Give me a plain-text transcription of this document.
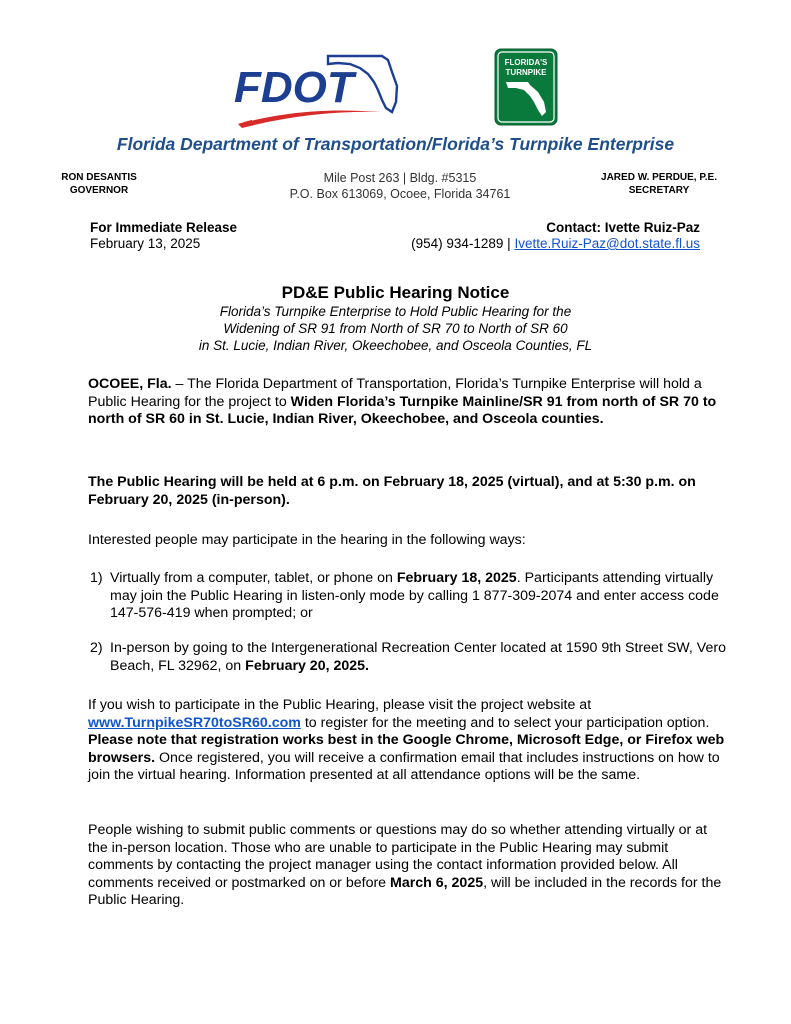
FDOT
FLORIDA'S
TURNPIKE
Florida Department of Transportation/Florida’s Turnpike Enterprise
RON DESANTIS
GOVERNOR
Mile Post 263 | Bldg. #5315
P.O. Box 613069, Ocoee, Florida 34761
JARED W. PERDUE, P.E.
SECRETARY
For Immediate Release
February 13, 2025
Contact: Ivette Ruiz-Paz
(954) 934-1289 | Ivette.Ruiz-Paz@dot.state.fl.us
PD&E Public Hearing Notice
Florida’s Turnpike Enterprise to Hold Public Hearing for the
Widening of SR 91 from North of SR 70 to North of SR 60
in St. Lucie, Indian River, Okeechobee, and Osceola Counties, FL
OCOEE, Fla. – The Florida Department of Transportation, Florida’s Turnpike Enterprise will hold a Public Hearing for the project to Widen Florida’s Turnpike Mainline/SR 91 from north of SR 70 to north of SR 60 in St. Lucie, Indian River, Okeechobee, and Osceola counties.
The Public Hearing will be held at 6 p.m. on February 18, 2025 (virtual), and at 5:30 p.m. on February 20, 2025 (in-person).
Interested people may participate in the hearing in the following ways:
1) Virtually from a computer, tablet, or phone on February 18, 2025. Participants attending virtually may join the Public Hearing in listen-only mode by calling 1 877-309-2074 and enter access code 147-576-419 when prompted; or
2) In-person by going to the Intergenerational Recreation Center located at 1590 9th Street SW, Vero Beach, FL 32962, on February 20, 2025.
If you wish to participate in the Public Hearing, please visit the project website at www.TurnpikeSR70toSR60.com to register for the meeting and to select your participation option. Please note that registration works best in the Google Chrome, Microsoft Edge, or Firefox web browsers. Once registered, you will receive a confirmation email that includes instructions on how to join the virtual hearing. Information presented at all attendance options will be the same.
People wishing to submit public comments or questions may do so whether attending virtually or at the in-person location. Those who are unable to participate in the Public Hearing may submit comments by contacting the project manager using the contact information provided below. All comments received or postmarked on or before March 6, 2025, will be included in the records for the Public Hearing.
